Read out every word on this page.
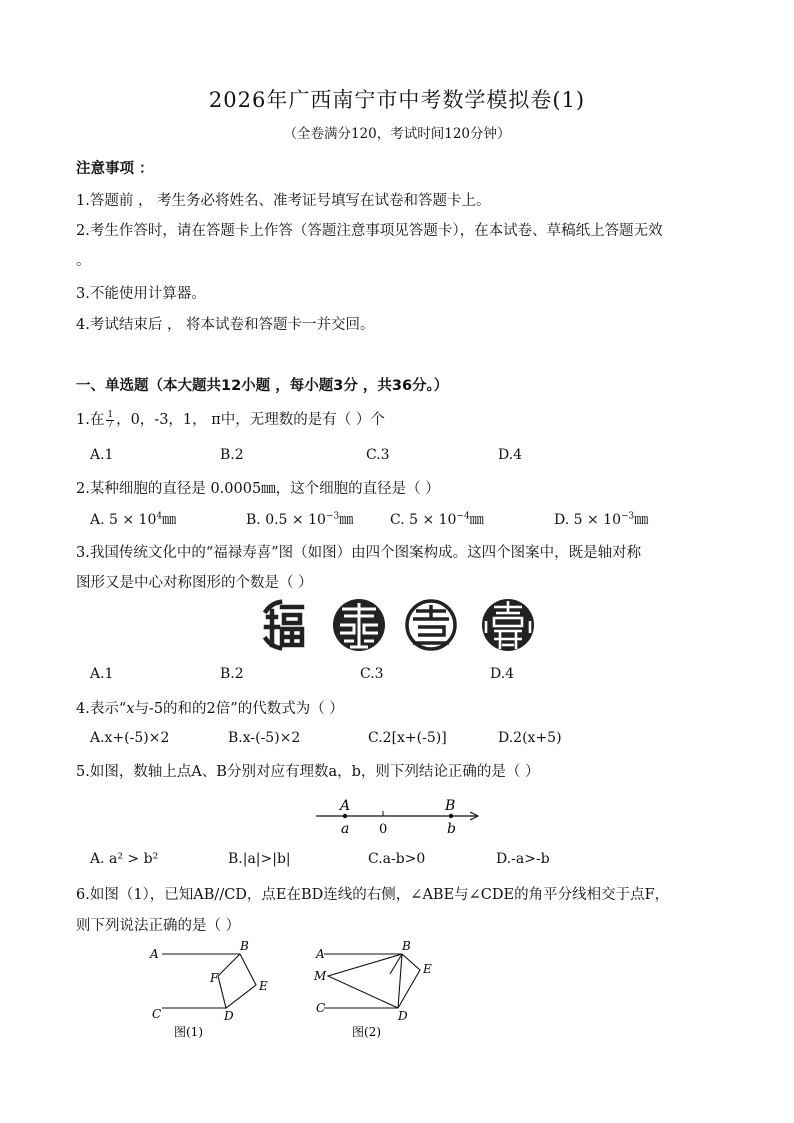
2026年广西南宁市中考数学模拟卷(1)
（全卷满分120，考试时间120分钟）
注意事项 ：
1.答题前 ， 考生务必将姓名、准考证号填写在试卷和答题卡上。
2.考生作答时，请在答题卡上作答（答题注意事项见答题卡），在本试卷、草稿纸上答题无效
。
3.不能使用计算器。
4.考试结束后 ， 将本试卷和答题卡一并交回。
一、单选题（本大题共12小题 ，每小题3分 ，共36分。）
1.在 $\frac{1}{7}$ ，0，-3，1， π中，无理数的是有（ ）个
A.1	B.2	C.3	D.4
2.某种细胞的直径是 0.0005㎜，这个细胞的直径是（ ）
A. $5 \times 10^4㎜$	B. $0.5 \times 10^{-3}㎜$	C. $5 \times 10^{-4}㎜$	D. $5 \times 10^{-3}㎜$
3.我国传统文化中的“福禄寿喜”图（如图）由四个图案构成。这四个图案中，既是轴对称
图形又是中心对称图形的个数是（ ）
A.1	B.2	C.3	D.4
4.表示“x与-5的和的2倍”的代数式为（ ）
A.x+(-5)×2	B.x-(-5)×2	C.2[x+(-5)]	D.2(x+5)
5.如图，数轴上点A、B分别对应有理数a，b，则下列结论正确的是（ ）
A
a 0
B
b
A. a² > b²	B.|a|>|b|	C.a-b>0	D.-a>-b
6.如图（1），已知AB//CD，点E在BD连线的右侧，∠ABE与∠CDE的角平分线相交于点F，
则下列说法正确的是（ ）
A
B
C	D
E
F
图(1)
A
B
M
C
D
E
图(2)
